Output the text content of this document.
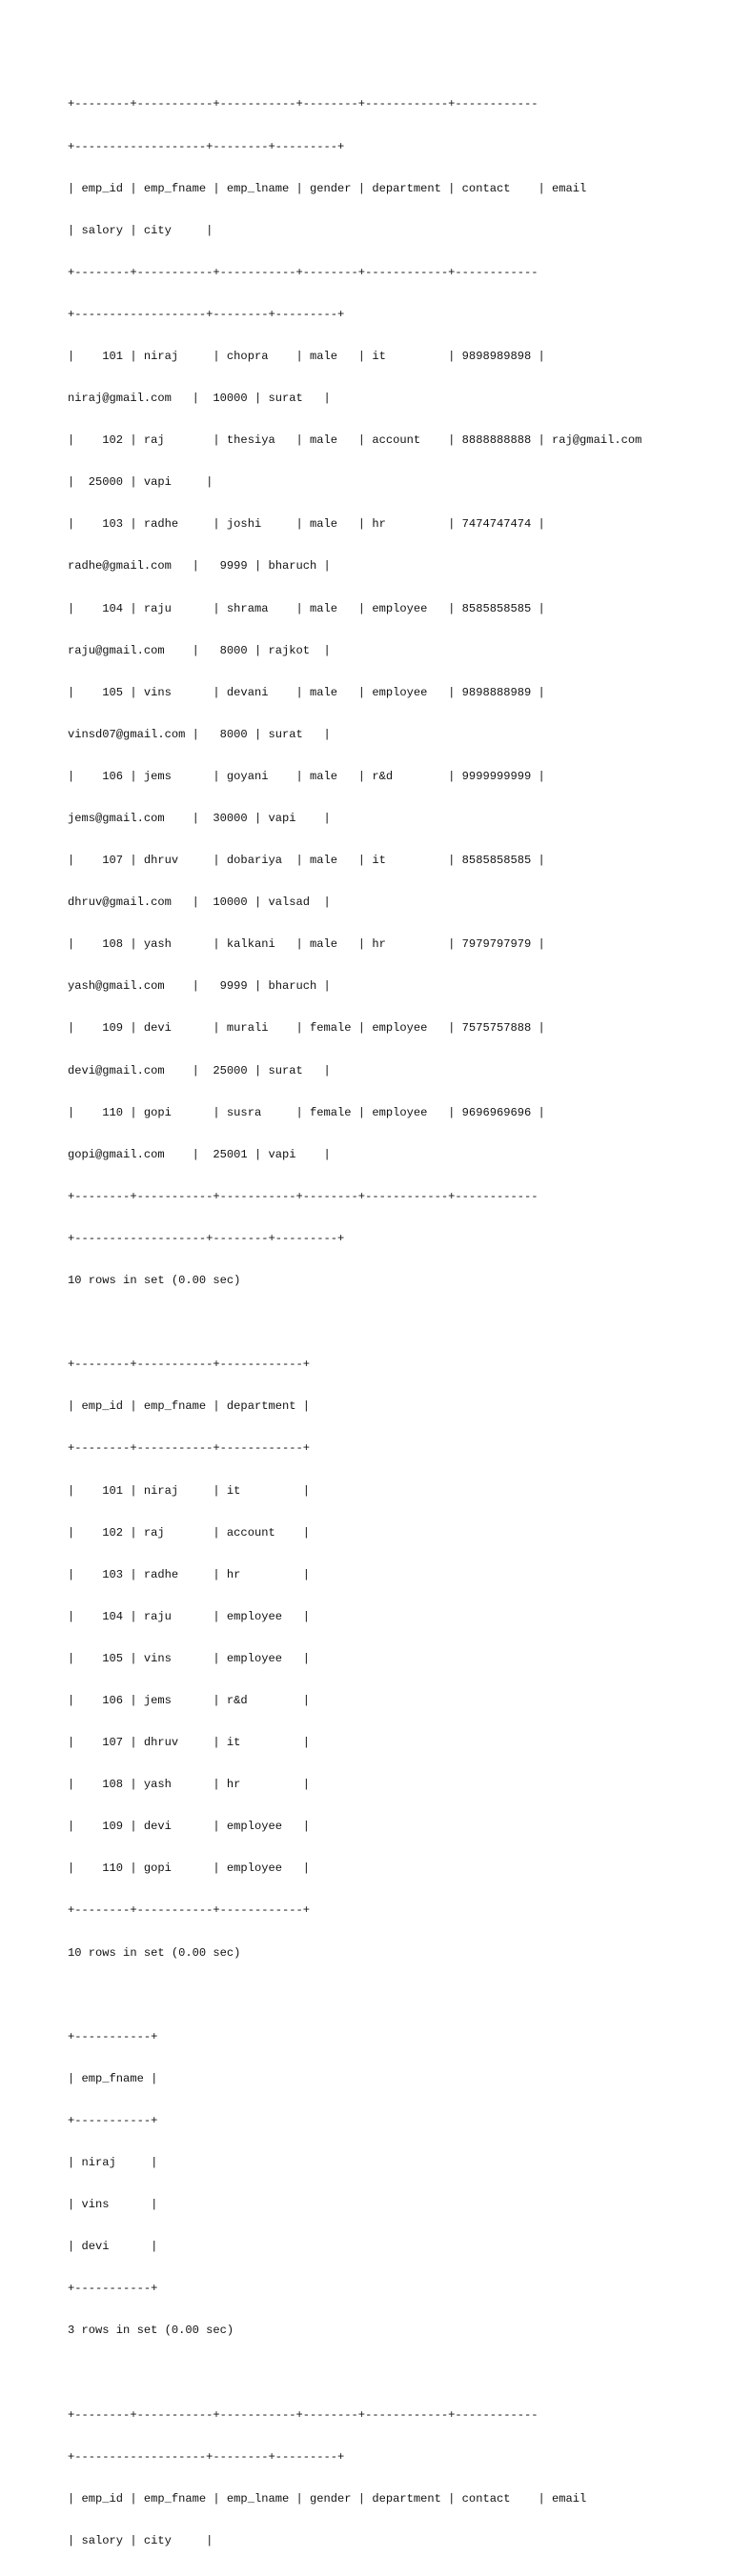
+--------+-----------+-----------+--------+------------+------------

+-------------------+--------+---------+

| emp_id | emp_fname | emp_lname | gender | department | contact    | email

| salory | city     |

+--------+-----------+-----------+--------+------------+------------

+-------------------+--------+---------+

|    101 | niraj     | chopra    | male   | it         | 9898989898 |

niraj@gmail.com   |  10000 | surat   |

|    102 | raj       | thesiya   | male   | account    | 8888888888 | raj@gmail.com

|  25000 | vapi     |

|    103 | radhe     | joshi     | male   | hr         | 7474747474 |

radhe@gmail.com   |   9999 | bharuch |

|    104 | raju      | shrama    | male   | employee   | 8585858585 |

raju@gmail.com    |   8000 | rajkot  |

|    105 | vins      | devani    | male   | employee   | 9898888989 |

vinsd07@gmail.com |   8000 | surat   |

|    106 | jems      | goyani    | male   | r&d        | 9999999999 |

jems@gmail.com    |  30000 | vapi    |

|    107 | dhruv     | dobariya  | male   | it         | 8585858585 |

dhruv@gmail.com   |  10000 | valsad  |

|    108 | yash      | kalkani   | male   | hr         | 7979797979 |

yash@gmail.com    |   9999 | bharuch |

|    109 | devi      | murali    | female | employee   | 7575757888 |

devi@gmail.com    |  25000 | surat   |

|    110 | gopi      | susra     | female | employee   | 9696969696 |

gopi@gmail.com    |  25001 | vapi    |

+--------+-----------+-----------+--------+------------+------------

+-------------------+--------+---------+

10 rows in set (0.00 sec)

+--------+-----------+------------+

| emp_id | emp_fname | department |

+--------+-----------+------------+

|    101 | niraj     | it         |

|    102 | raj       | account    |

|    103 | radhe     | hr         |

|    104 | raju      | employee   |

|    105 | vins      | employee   |

|    106 | jems      | r&d        |

|    107 | dhruv     | it         |

|    108 | yash      | hr         |

|    109 | devi      | employee   |

|    110 | gopi      | employee   |

+--------+-----------+------------+

10 rows in set (0.00 sec)

+-----------+

| emp_fname |

+-----------+

| niraj     |

| vins      |

| devi      |

+-----------+

3 rows in set (0.00 sec)

+--------+-----------+-----------+--------+------------+------------

+-------------------+--------+---------+

| emp_id | emp_fname | emp_lname | gender | department | contact    | email

| salory | city     |
